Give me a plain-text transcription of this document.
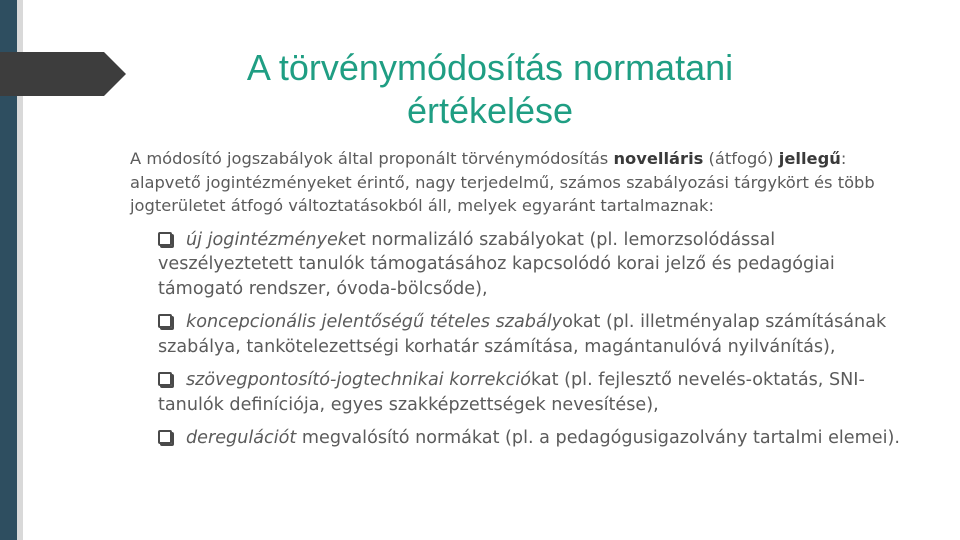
A törvénymódosítás normatani
értékelése

A módosító jogszabályok által proponált törvénymódosítás novelláris (átfogó) jellegű: alapvető jogintézményeket érintő, nagy terjedelmű, számos szabályozási tárgykört és több jogterületet átfogó változtatásokból áll, melyek egyaránt tartalmaznak:

új jogintézményeket normalizáló szabályokat (pl. lemorzsolódással veszélyeztetett tanulók támogatásához kapcsolódó korai jelző és pedagógiai támogató rendszer, óvoda-bölcsőde),
koncepcionális jelentőségű tételes szabályokat (pl. illetményalap számításának szabálya, tankötelezettségi korhatár számítása, magántanulóvá nyilvánítás),
szövegpontosító-jogtechnikai korrekciókat (pl. fejlesztő nevelés-oktatás, SNI-tanulók definíciója, egyes szakképzettségek nevesítése),
deregulációt megvalósító normákat (pl. a pedagógusigazolvány tartalmi elemei).
